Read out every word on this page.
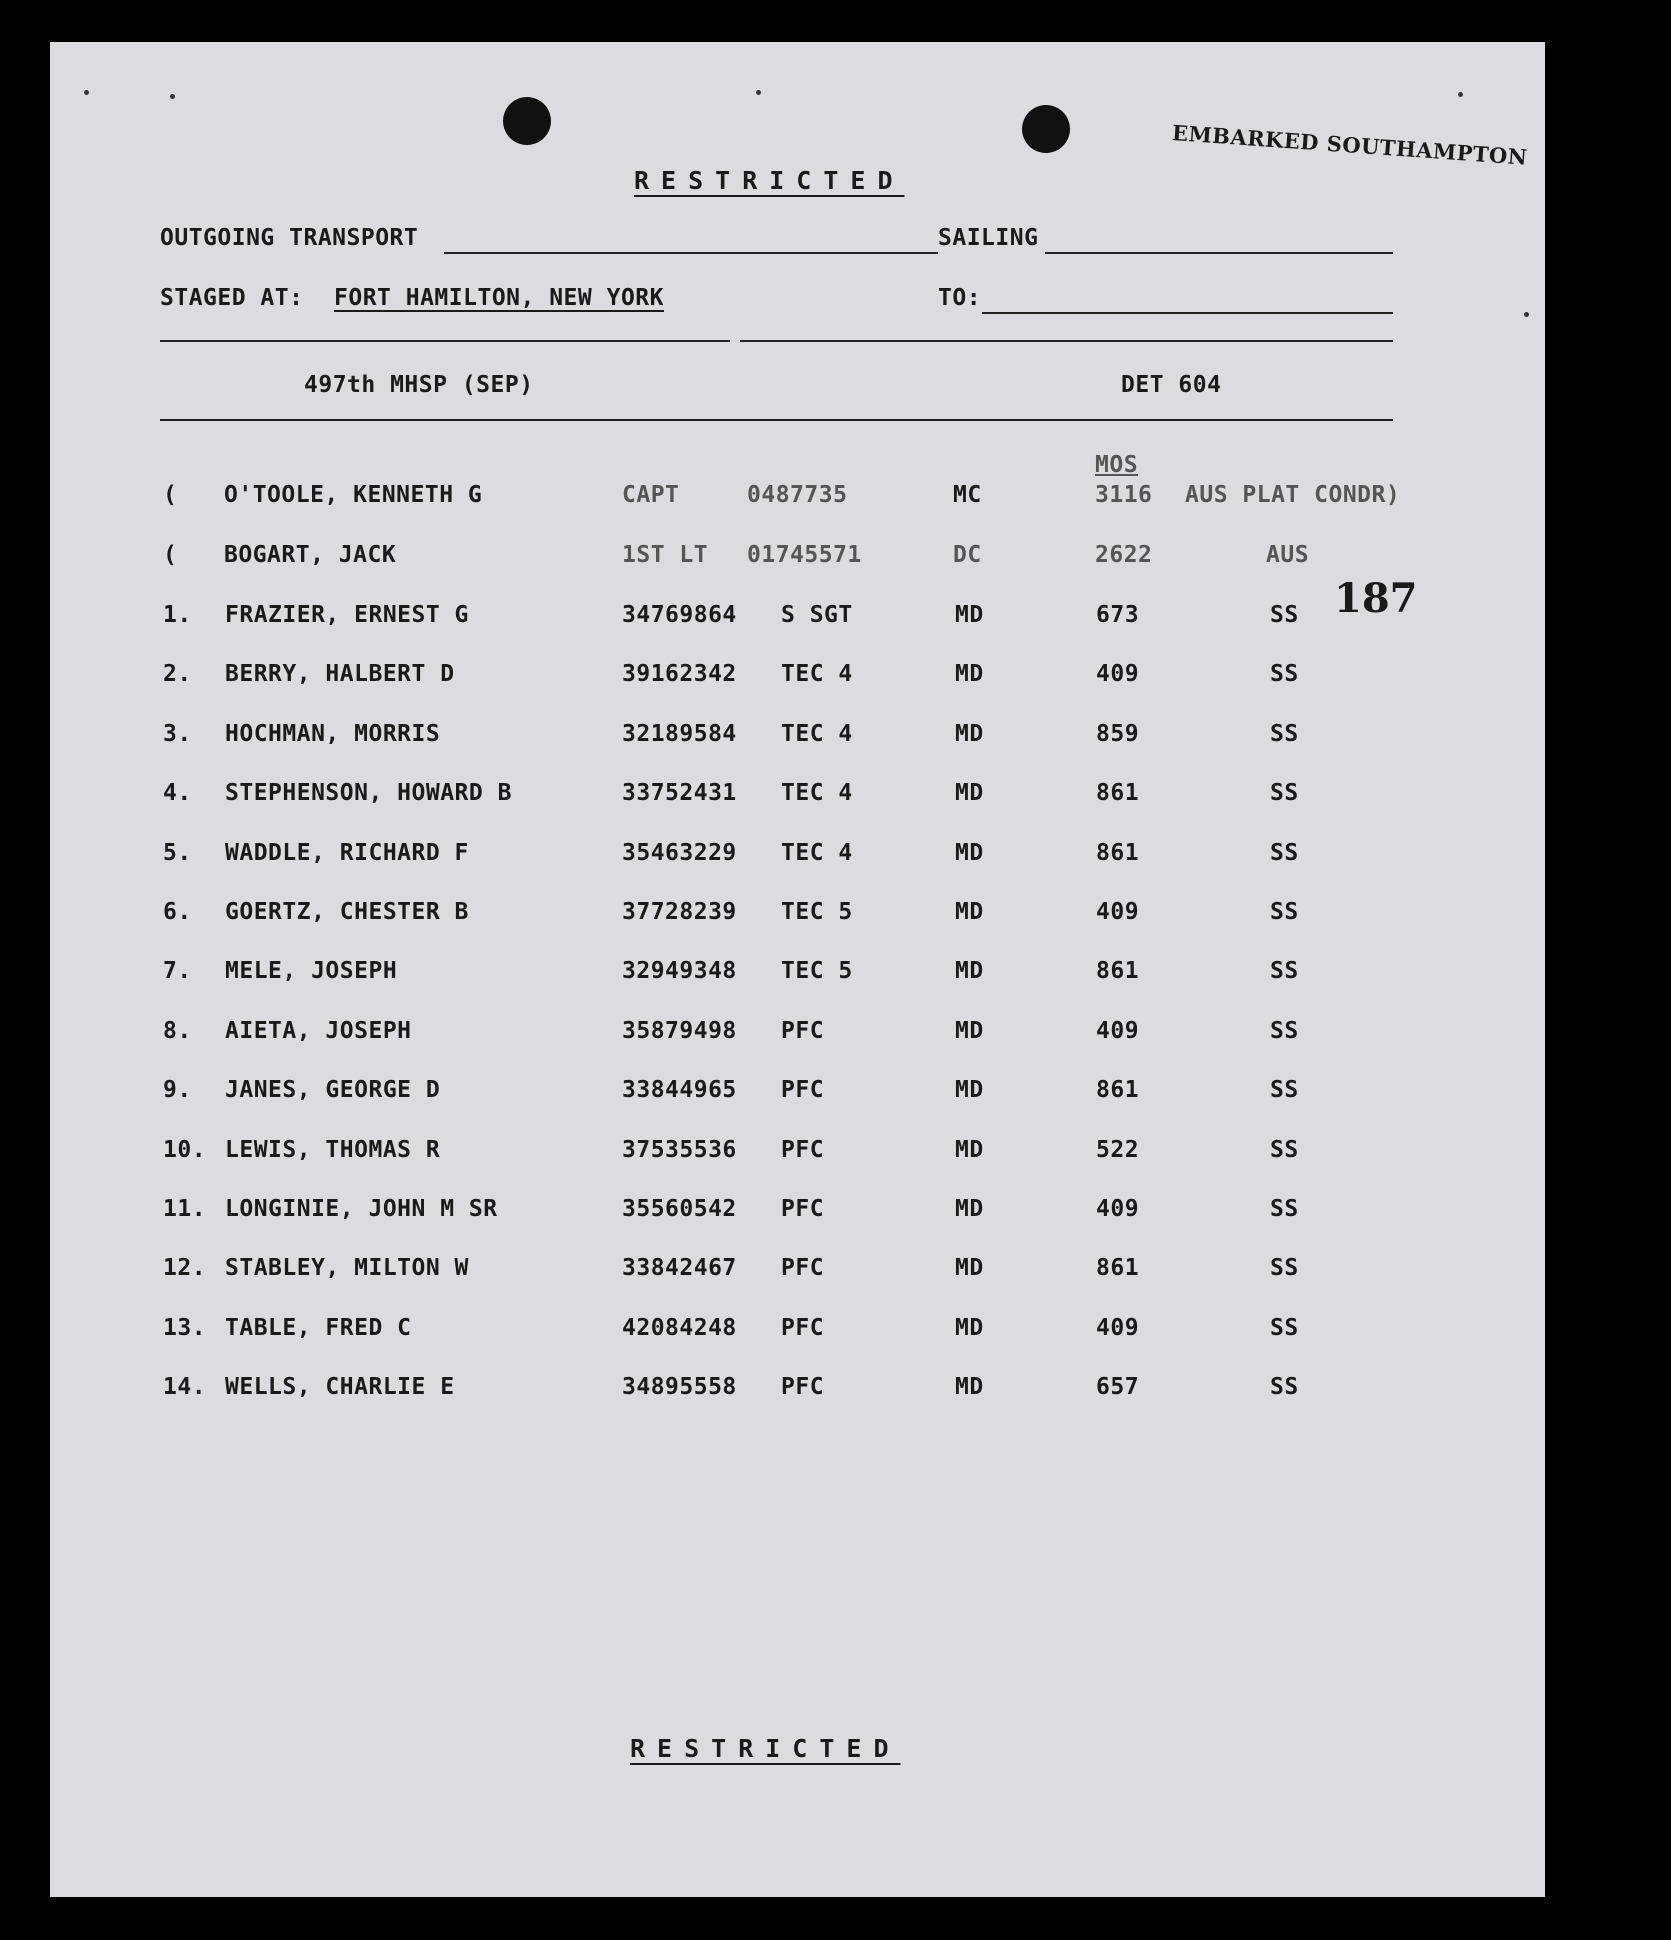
EMBARKED SOUTHAMPTON
RESTRICTED
OUTGOING TRANSPORT	SAILING
STAGED AT: FORT HAMILTON, NEW YORK	TO:
497th MHSP (SEP)	DET 604
MOS
187
( O'TOOLE, KENNETH G	CAPT	0487735	MC	3116 AUS PLAT CONDR)
( BOGART, JACK	1ST LT 01745571	DC	2622	AUS
1. FRAZIER, ERNEST G	34769864 S SGT	MD	673	SS
2. BERRY, HALBERT D	39162342 TEC 4	MD	409	SS
3. HOCHMAN, MORRIS	32189584 TEC 4	MD	859	SS
4. STEPHENSON, HOWARD B	33752431 TEC 4	MD	861	SS
5. WADDLE, RICHARD F	35463229 TEC 4	MD	861	SS
6. GOERTZ, CHESTER B	37728239 TEC 5	MD	409	SS
7. MELE, JOSEPH	32949348 TEC 5	MD	861	SS
8. AIETA, JOSEPH	35879498 PFC	MD	409	SS
9. JANES, GEORGE D	33844965 PFC	MD	861	SS
10. LEWIS, THOMAS R	37535536 PFC	MD	522	SS
11. LONGINIE, JOHN M SR	35560542 PFC	MD	409	SS
12. STABLEY, MILTON W	33842467 PFC	MD	861	SS
13. TABLE, FRED C	42084248 PFC	MD	409	SS
14. WELLS, CHARLIE E	34895558 PFC	MD	657	SS
RESTRICTED
